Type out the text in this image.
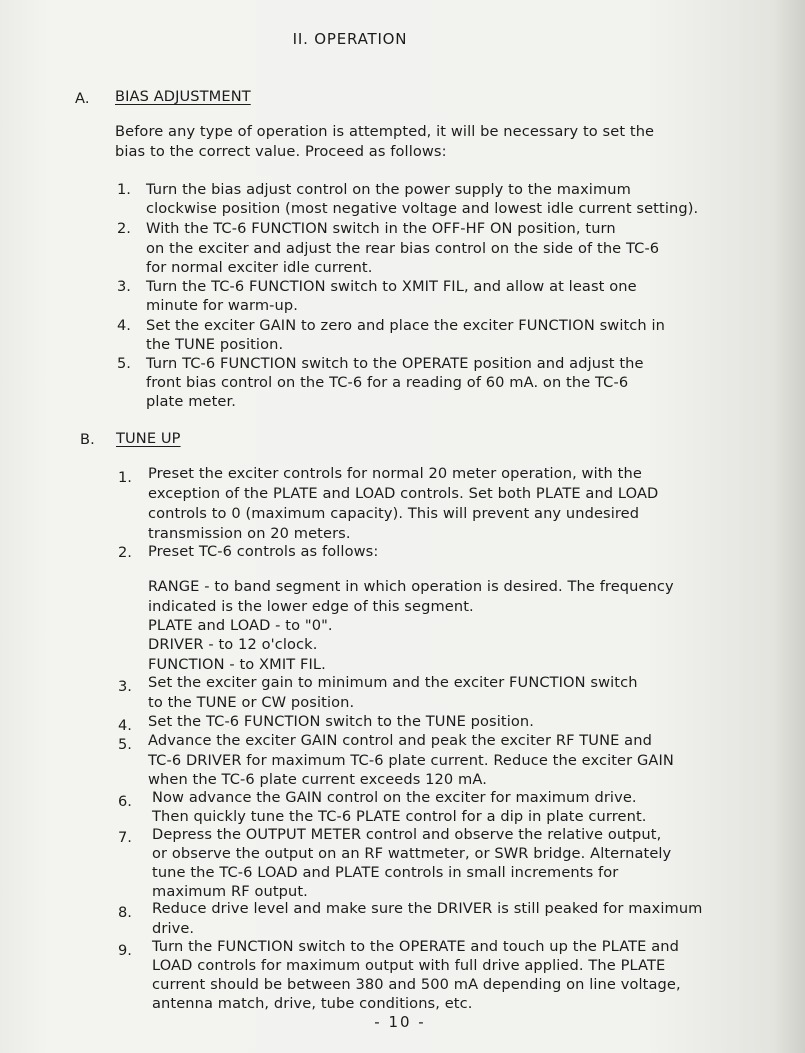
II. OPERATION
A. BIAS ADJUSTMENT
Before any type of operation is attempted, it will be necessary to set the
bias to the correct value. Proceed as follows:
1. Turn the bias adjust control on the power supply to the maximum
clockwise position (most negative voltage and lowest idle current setting).
2. With the TC-6 FUNCTION switch in the OFF-HF ON position, turn
on the exciter and adjust the rear bias control on the side of the TC-6
for normal exciter idle current.
3. Turn the TC-6 FUNCTION switch to XMIT FIL, and allow at least one
minute for warm-up.
4. Set the exciter GAIN to zero and place the exciter FUNCTION switch in
the TUNE position.
5. Turn TC-6 FUNCTION switch to the OPERATE position and adjust the
front bias control on the TC-6 for a reading of 60 mA. on the TC-6
plate meter.
B. TUNE UP
1. Preset the exciter controls for normal 20 meter operation, with the
exception of the PLATE and LOAD controls. Set both PLATE and LOAD
controls to 0 (maximum capacity). This will prevent any undesired
transmission on 20 meters.
2. Preset TC-6 controls as follows:
RANGE - to band segment in which operation is desired. The frequency
indicated is the lower edge of this segment.
PLATE and LOAD - to "0".
DRIVER - to 12 o'clock.
FUNCTION - to XMIT FIL.
3. Set the exciter gain to minimum and the exciter FUNCTION switch
to the TUNE or CW position.
4. Set the TC-6 FUNCTION switch to the TUNE position.
5. Advance the exciter GAIN control and peak the exciter RF TUNE and
TC-6 DRIVER for maximum TC-6 plate current. Reduce the exciter GAIN
when the TC-6 plate current exceeds 120 mA.
6. Now advance the GAIN control on the exciter for maximum drive.
Then quickly tune the TC-6 PLATE control for a dip in plate current.
7. Depress the OUTPUT METER control and observe the relative output,
or observe the output on an RF wattmeter, or SWR bridge. Alternately
tune the TC-6 LOAD and PLATE controls in small increments for
maximum RF output.
8. Reduce drive level and make sure the DRIVER is still peaked for maximum
drive.
9. Turn the FUNCTION switch to the OPERATE and touch up the PLATE and
LOAD controls for maximum output with full drive applied. The PLATE
current should be between 380 and 500 mA depending on line voltage,
antenna match, drive, tube conditions, etc.
- 10 -
